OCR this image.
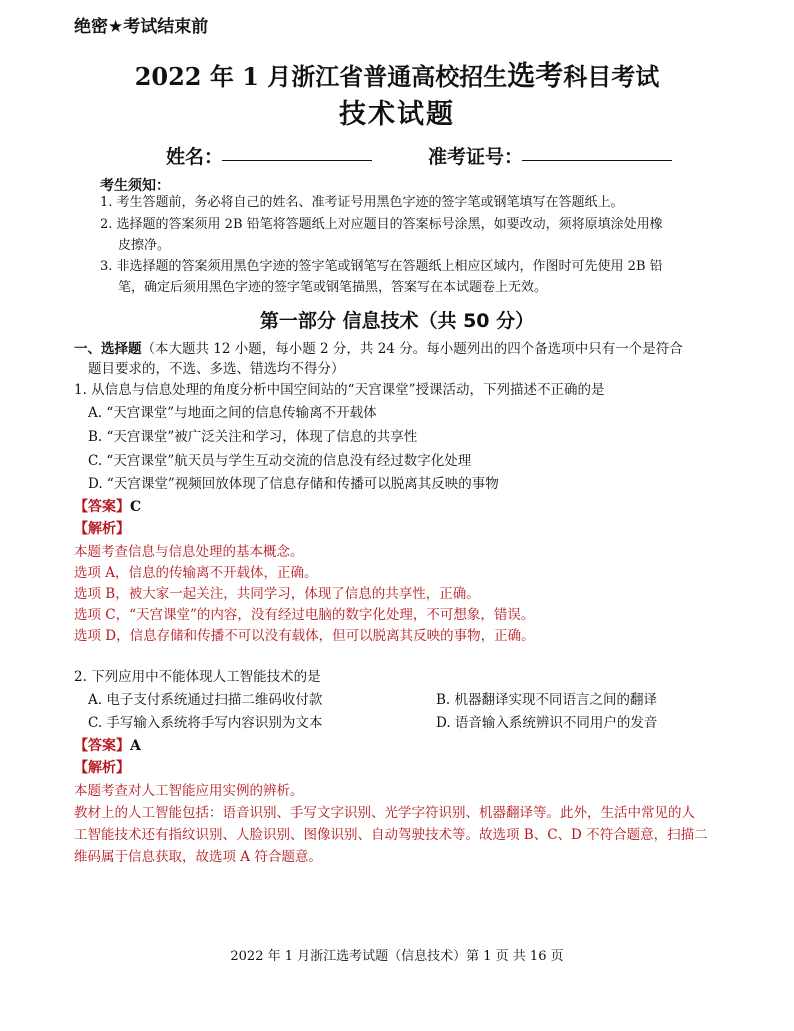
绝密★考试结束前
2022 年 1 月浙江省普通高校招生选考科目考试
技术试题
姓名：	准考证号：
考生须知：
1. 考生答题前，务必将自己的姓名、准考证号用黑色字迹的签字笔或钢笔填写在答题纸上。
2. 选择题的答案须用 2B 铅笔将答题纸上对应题目的答案标号涂黑，如要改动，须将原填涂处用橡
皮擦净。
3. 非选择题的答案须用黑色字迹的签字笔或钢笔写在答题纸上相应区域内，作图时可先使用 2B 铅
笔，确定后须用黑色字迹的签字笔或钢笔描黑，答案写在本试题卷上无效。
第一部分 信息技术（共 50 分）
一、选择题（本大题共 12 小题，每小题 2 分，共 24 分。每小题列出的四个备选项中只有一个是符合
题目要求的，不选、多选、错选均不得分）
1. 从信息与信息处理的角度分析中国空间站的“天宫课堂”授课活动，下列描述不正确的是
A. “天宫课堂”与地面之间的信息传输离不开载体
B. “天宫课堂”被广泛关注和学习，体现了信息的共享性
C. “天宫课堂”航天员与学生互动交流的信息没有经过数字化处理
D. “天宫课堂”视频回放体现了信息存储和传播可以脱离其反映的事物
【答案】C
【解析】
本题考查信息与信息处理的基本概念。
选项 A，信息的传输离不开载体，正确。
选项 B，被大家一起关注，共同学习，体现了信息的共享性，正确。
选项 C，“天宫课堂”的内容，没有经过电脑的数字化处理，不可想象，错误。
选项 D，信息存储和传播不可以没有载体，但可以脱离其反映的事物，正确。
2. 下列应用中不能体现人工智能技术的是
A. 电子支付系统通过扫描二维码收付款	B. 机器翻译实现不同语言之间的翻译
C. 手写输入系统将手写内容识别为文本	D. 语音输入系统辨识不同用户的发音
【答案】A
【解析】
本题考查对人工智能应用实例的辨析。
教材上的人工智能包括：语音识别、手写文字识别、光学字符识别、机器翻译等。此外，生活中常见的人
工智能技术还有指纹识别、人脸识别、图像识别、自动驾驶技术等。故选项 B、C、D 不符合题意，扫描二
维码属于信息获取，故选项 A 符合题意。
2022 年 1 月浙江选考试题（信息技术）第 1 页 共 16 页
